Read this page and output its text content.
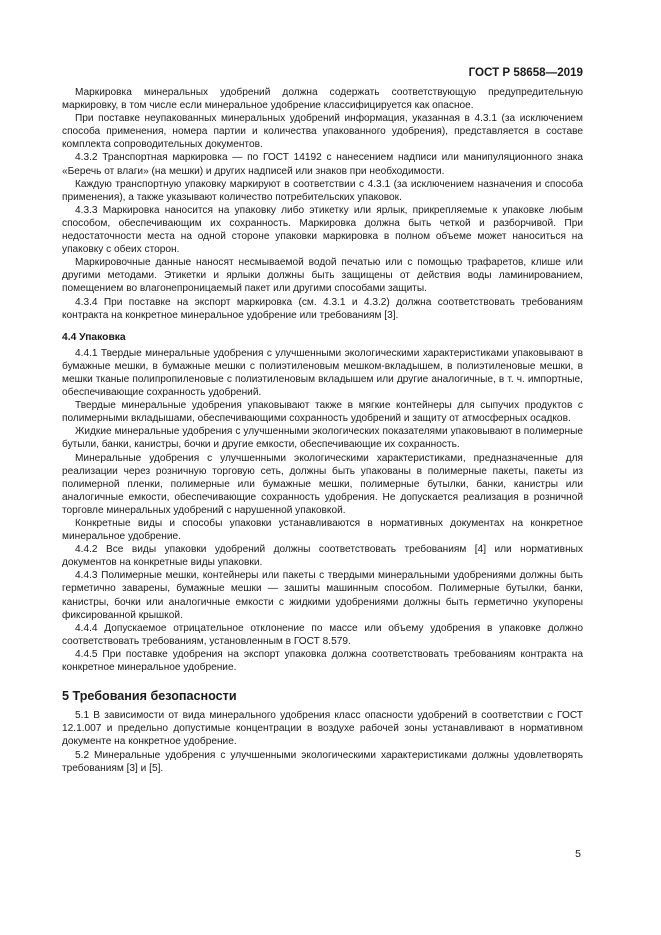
ГОСТ Р 58658—2019

Маркировка минеральных удобрений должна содержать соответствующую предупредительную маркировку, в том числе если минеральное удобрение классифицируется как опасное.

При поставке неупакованных минеральных удобрений информация, указанная в 4.3.1 (за исключением способа применения, номера партии и количества упакованного удобрения), представляется в составе комплекта сопроводительных документов.

4.3.2 Транспортная маркировка — по ГОСТ 14192 с нанесением надписи или манипуляционного знака «Беречь от влаги» (на мешки) и других надписей или знаков при необходимости.

Каждую транспортную упаковку маркируют в соответствии с 4.3.1 (за исключением назначения и способа применения), а также указывают количество потребительских упаковок.

4.3.3 Маркировка наносится на упаковку либо этикетку или ярлык, прикрепляемые к упаковке любым способом, обеспечивающим их сохранность. Маркировка должна быть четкой и разборчивой. При недостаточности места на одной стороне упаковки маркировка в полном объеме может наноситься на упаковку с обеих сторон.

Маркировочные данные наносят несмываемой водой печатью или с помощью трафаретов, клише или другими методами. Этикетки и ярлыки должны быть защищены от действия воды ламинированием, помещением во влагонепроницаемый пакет или другими способами защиты.

4.3.4 При поставке на экспорт маркировка (см. 4.3.1 и 4.3.2) должна соответствовать требованиям контракта на конкретное минеральное удобрение или требованиям [3].

4.4 Упаковка

4.4.1 Твердые минеральные удобрения с улучшенными экологическими характеристиками упаковывают в бумажные мешки, в бумажные мешки с полиэтиленовым мешком-вкладышем, в полиэтиленовые мешки, в мешки тканые полипропиленовые с полиэтиленовым вкладышем или другие аналогичные, в т. ч. импортные, обеспечивающие сохранность удобрений.

Твердые минеральные удобрения упаковывают также в мягкие контейнеры для сыпучих продуктов с полимерными вкладышами, обеспечивающими сохранность удобрений и защиту от атмосферных осадков.

Жидкие минеральные удобрения с улучшенными экологических показателями упаковывают в полимерные бутыли, банки, канистры, бочки и другие емкости, обеспечивающие их сохранность.

Минеральные удобрения с улучшенными экологическими характеристиками, предназначенные для реализации через розничную торговую сеть, должны быть упакованы в полимерные пакеты, пакеты из полимерной пленки, полимерные или бумажные мешки, полимерные бутылки, банки, канистры или аналогичные емкости, обеспечивающие сохранность удобрения. Не допускается реализация в розничной торговле минеральных удобрений с нарушенной упаковкой.

Конкретные виды и способы упаковки устанавливаются в нормативных документах на конкретное минеральное удобрение.

4.4.2 Все виды упаковки удобрений должны соответствовать требованиям [4] или нормативных документов на конкретные виды упаковки.

4.4.3 Полимерные мешки, контейнеры или пакеты с твердыми минеральными удобрениями должны быть герметично заварены, бумажные мешки — зашиты машинным способом. Полимерные бутылки, банки, канистры, бочки или аналогичные емкости с жидкими удобрениями должны быть герметично укупорены фиксированной крышкой.

4.4.4 Допускаемое отрицательное отклонение по массе или объему удобрения в упаковке должно соответствовать требованиям, установленным в ГОСТ 8.579.

4.4.5 При поставке удобрения на экспорт упаковка должна соответствовать требованиям контракта на конкретное минеральное удобрение.

5 Требования безопасности

5.1 В зависимости от вида минерального удобрения класс опасности удобрений в соответствии с ГОСТ 12.1.007 и предельно допустимые концентрации в воздухе рабочей зоны устанавливают в нормативном документе на конкретное удобрение.

5.2 Минеральные удобрения с улучшенными экологическими характеристиками должны удовлетворять требованиям [3] и [5].

5
